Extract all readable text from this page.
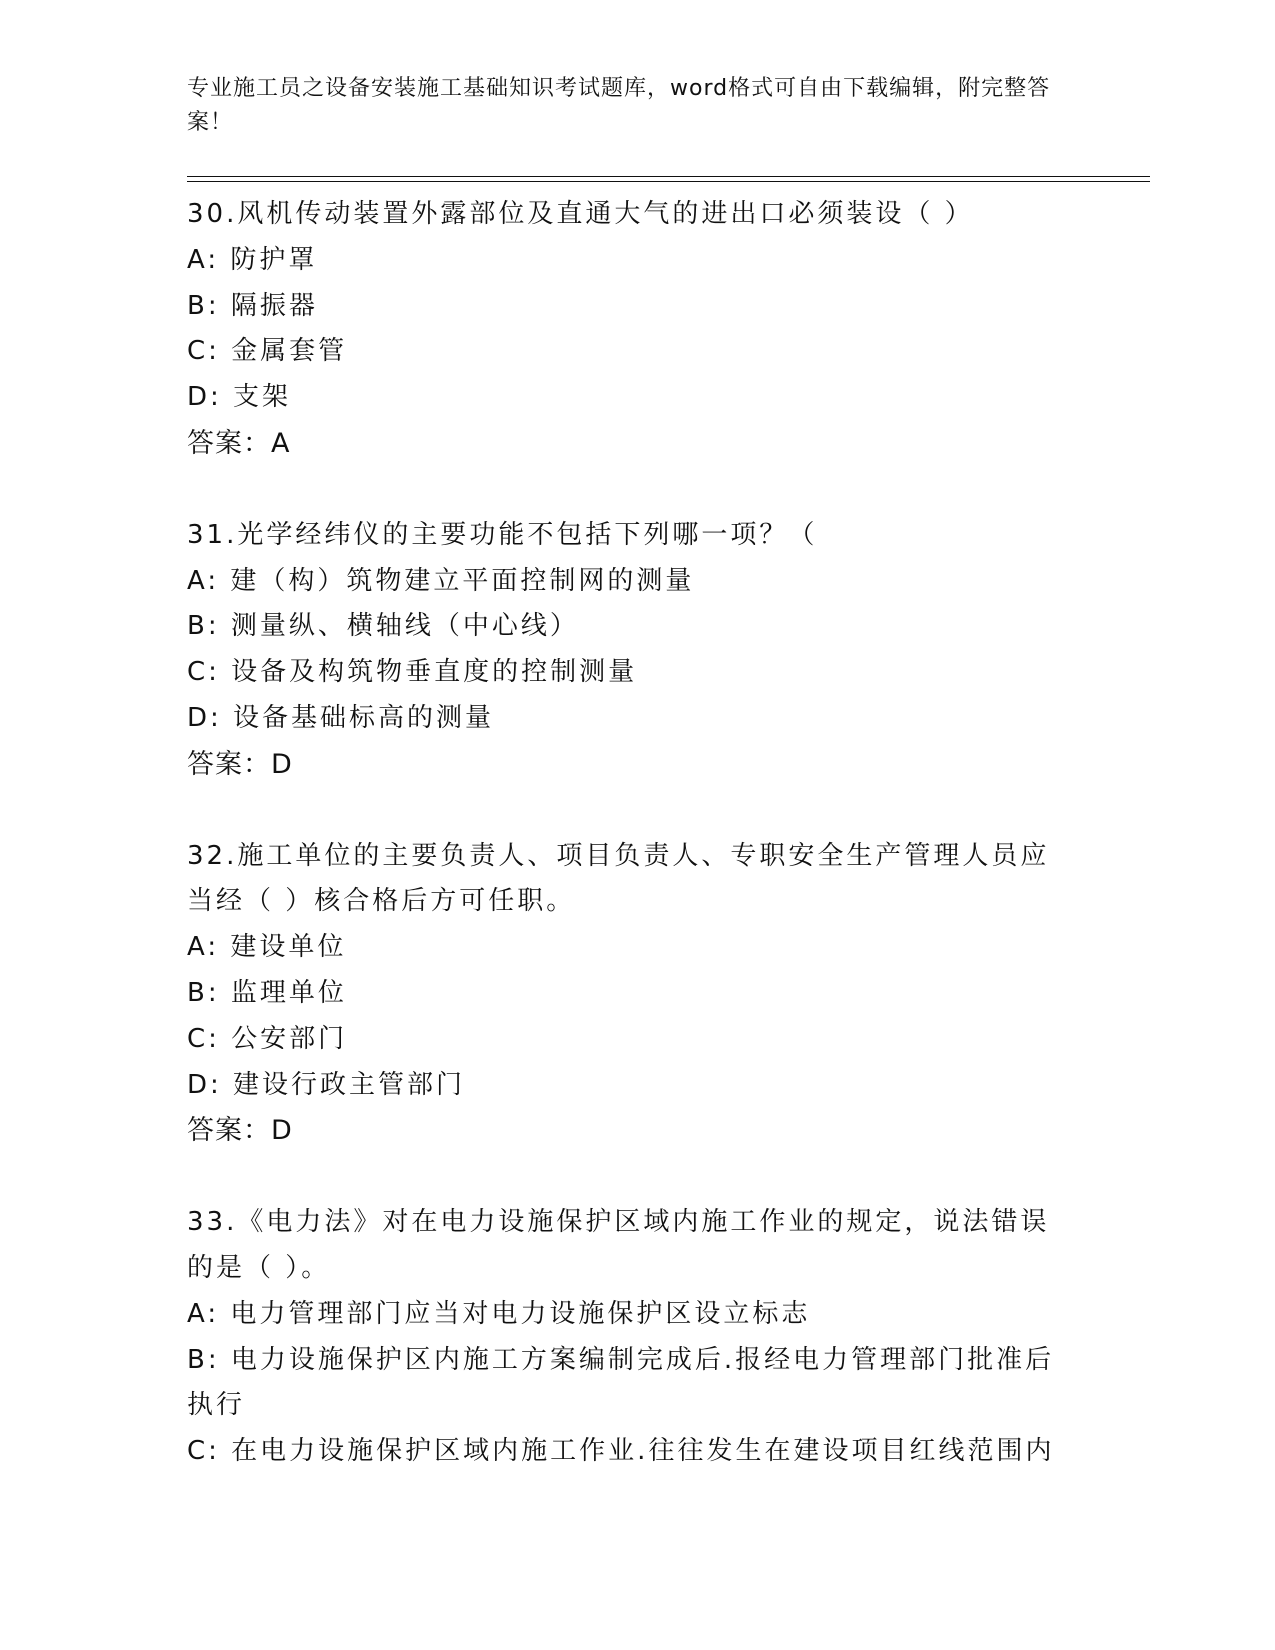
专业施工员之设备安装施工基础知识考试题库，word格式可自由下载编辑，附完整答案！
30.风机传动装置外露部位及直通大气的进出口必须装设（ ）
A: 防护罩
B: 隔振器
C: 金属套管
D: 支架
答案：A
31.光学经纬仪的主要功能不包括下列哪一项？（
A: 建（构）筑物建立平面控制网的测量
B: 测量纵、横轴线（中心线）
C: 设备及构筑物垂直度的控制测量
D: 设备基础标高的测量
答案：D
32.施工单位的主要负责人、项目负责人、专职安全生产管理人员应当经（ ）核合格后方可任职。
A: 建设单位
B: 监理单位
C: 公安部门
D: 建设行政主管部门
答案：D
33.《电力法》对在电力设施保护区域内施工作业的规定，说法错误的是（ ）。
A: 电力管理部门应当对电力设施保护区设立标志
B: 电力设施保护区内施工方案编制完成后.报经电力管理部门批准后执行
C: 在电力设施保护区域内施工作业.往往发生在建设项目红线范围内
